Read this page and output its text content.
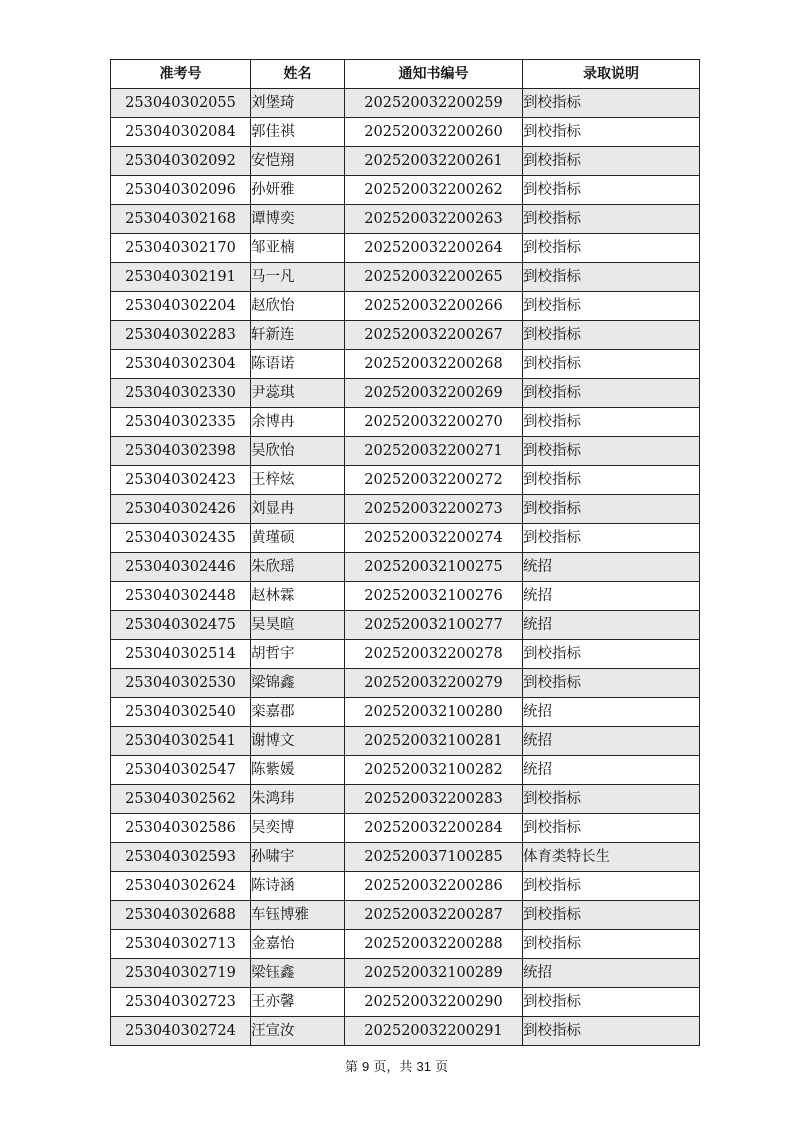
准考号	姓名	通知书编号	录取说明
253040302055	刘堡琦	202520032200259	到校指标
253040302084	郭佳祺	202520032200260	到校指标
253040302092	安恺翔	202520032200261	到校指标
253040302096	孙妍雅	202520032200262	到校指标
253040302168	谭博奕	202520032200263	到校指标
253040302170	邹亚楠	202520032200264	到校指标
253040302191	马一凡	202520032200265	到校指标
253040302204	赵欣怡	202520032200266	到校指标
253040302283	轩新连	202520032200267	到校指标
253040302304	陈语诺	202520032200268	到校指标
253040302330	尹蕊琪	202520032200269	到校指标
253040302335	余博冉	202520032200270	到校指标
253040302398	吴欣怡	202520032200271	到校指标
253040302423	王梓炫	202520032200272	到校指标
253040302426	刘显冉	202520032200273	到校指标
253040302435	黄瑾硕	202520032200274	到校指标
253040302446	朱欣瑶	202520032100275	统招
253040302448	赵林霖	202520032100276	统招
253040302475	吴昊暄	202520032100277	统招
253040302514	胡哲宇	202520032200278	到校指标
253040302530	梁锦鑫	202520032200279	到校指标
253040302540	栾嘉郡	202520032100280	统招
253040302541	谢博文	202520032100281	统招
253040302547	陈紫媛	202520032100282	统招
253040302562	朱鸿玮	202520032200283	到校指标
253040302586	吴奕博	202520032200284	到校指标
253040302593	孙啸宇	202520037100285	体育类特长生
253040302624	陈诗涵	202520032200286	到校指标
253040302688	车钰博雅	202520032200287	到校指标
253040302713	金嘉怡	202520032200288	到校指标
253040302719	梁钰鑫	202520032100289	统招
253040302723	王亦馨	202520032200290	到校指标
253040302724	汪宣汝	202520032200291	到校指标
第 9 页，共 31 页
